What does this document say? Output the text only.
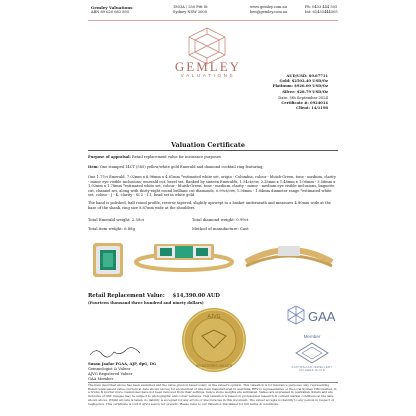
Gemley Valuations
ABN 69 620 682 895
1803A / 250 Pitt St
Sydney NSW 2000
www.gemley.com.au
ben@gemley.com.au
Ph: 0433 444 505
Int: 61433444505
GEMLEY
VALUATIONS	AUD/USD: $0.67711
Gold: $2502.40 USD/Oz
Platinum: $926.00 USD/Oz
Silver: $28.79 USD/Oz
Date: 5th September 2024
Certificate #: 0924014
Client: 14/1198
Valuation Certificate
Purpose of appraisal: Retail replacement value for insurance purposes
Item: One stamped 14CT (585) yellow/white gold Emerald and diamond cocktail ring featuring;
One 1.77ct Emerald, 7.02mm x 6.96mm x 4.61mm *estimated white set, origin - Columbia, colour - bluish-Green, tone - medium, clarity - minor eye visible inclusions; emerald cut, bezel set, flanked by sixteen Emeralds, 1.54ct/ctw, 2.28mm x 1.48mm x 1.06mm - 3.56mm x 1.92mm x 1.78mm *estimated white set, colour - bluish-Green, tone - medium, clarity - minor - medium eye visible inclusions, baguette cut, channel set, along with thirty-eight round brilliant cut diamonds, 0.99ct/ctw, 1.56mm - 1.84mm diameter range *estimated white set, colour - J - K, clarity - SI 2 - I 1, bead set in white gold.
The band is polished, half round profile, reverse tapered, slightly upswept to a basket underneath and measures 4.80mm wide at the base of the shank, ring size 8.87mm wide at the shoulders.
Total Emerald weight: 2.59ct	Total diamond weight: 0.99ct
Total item weight: 6.88g	Method of manufacture: Cast
Retail Replacement Value: $14,390.00 AUD
(Fourteen thousand three hundred and ninety dollars)
AJVG
REGISTERED VALUER
Susan Jaafar FGAA, AJP, dpG, DG
Gemmologist & Valuer
AJVG Registered Valuer
GAA Member
GAA
Member
AUSTRALIAN JEWELLERY VALUERS GUILD
The item described above has been examined and the value given is based solely on the valuer's opinion. This valuation is for insurance purposes only, representing Retail replacement value (current at date shown above) for an identical or like item manufactured in Australia. RRV is representative of the local Sydney CBD market, in a bricks & mortar store. Gemstones have not been removed from their settings, hence stone weights are estimated. Values are expressed in Australian dollars and are inclusive of GST. Images may be subject to photographic and colour variance. This valuation is based on professional research & current market conditions at the date shown above. Whilst all care is taken, no liability is accepted for any errors or inaccuracies in this document. The valuer accepts no liability to any person in respect of negligence. This certificate is void if AJVG seal is not present. Please refer to our Valuation Disclaimer for full terms & conditions.
